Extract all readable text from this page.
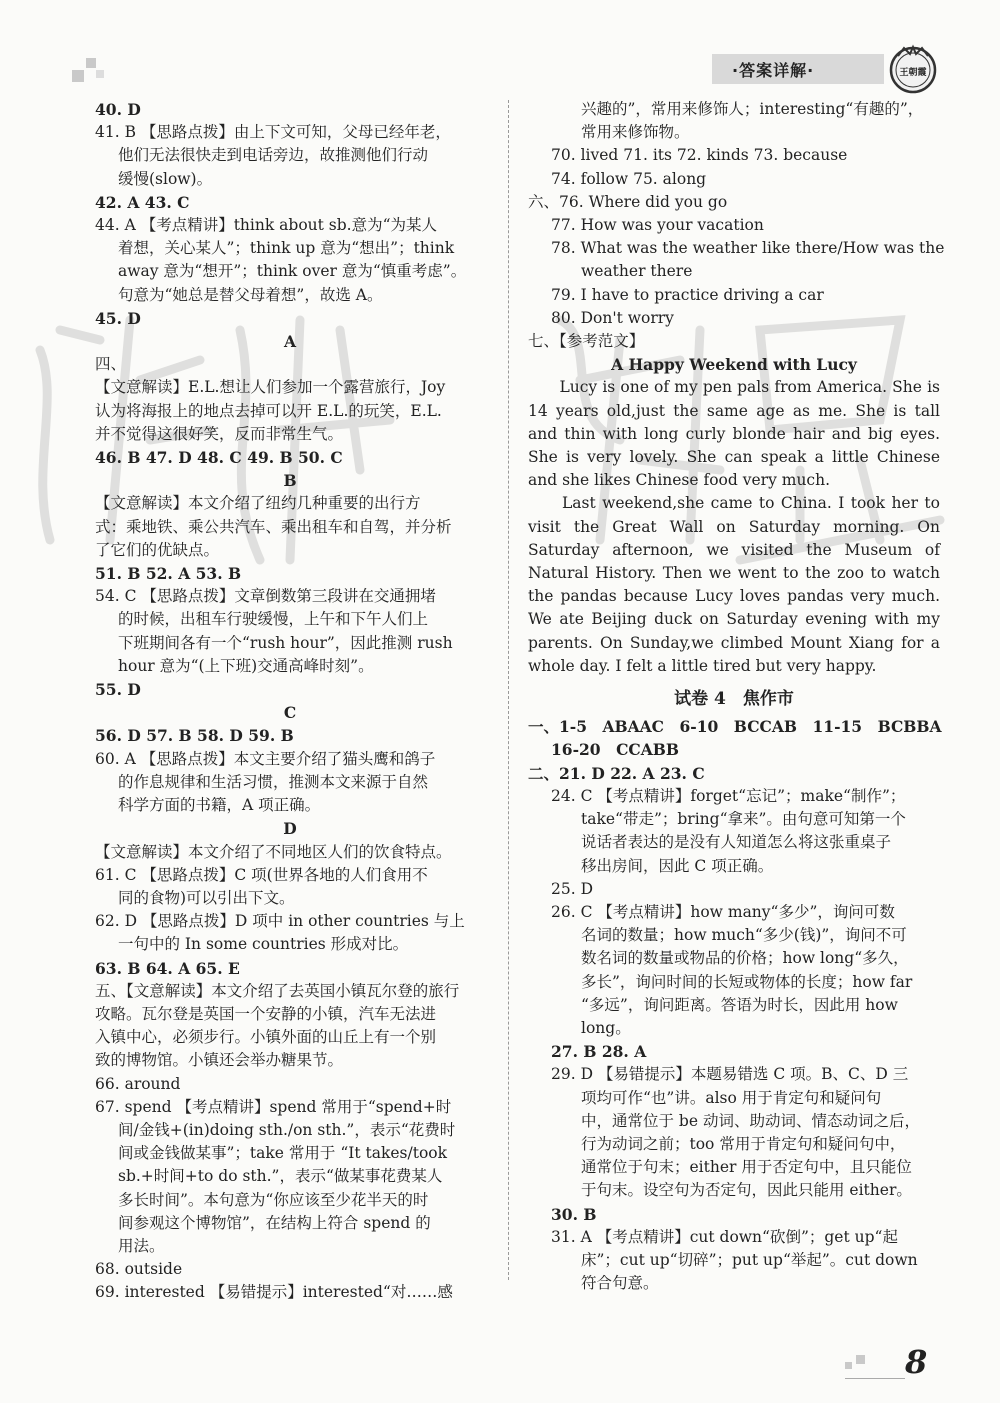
·答案详解·	王朝霞
40. D
41. B 【思路点拨】由上下文可知，父母已经年老，
他们无法很快走到电话旁边，故推测他们行动
缓慢(slow)。
42. A 43. C
44. A 【考点精讲】think about sb.意为“为某人
着想，关心某人”；think up 意为“想出”；think
away 意为“想开”；think over 意为“慎重考虑”。
句意为“她总是替父母着想”，故选 A。
45. D
A
四、
【文意解读】E.L.想让人们参加一个露营旅行，Joy
认为将海报上的地点去掉可以开 E.L.的玩笑，E.L.
并不觉得这很好笑，反而非常生气。
46. B 47. D 48. C 49. B 50. C
B
【文意解读】本文介绍了纽约几种重要的出行方
式：乘地铁、乘公共汽车、乘出租车和自驾，并分析
了它们的优缺点。
51. B 52. A 53. B
54. C 【思路点拨】文章倒数第三段讲在交通拥堵
的时候，出租车行驶缓慢，上午和下午人们上
下班期间各有一个“rush hour”，因此推测 rush
hour 意为“(上下班)交通高峰时刻”。
55. D
C
56. D 57. B 58. D 59. B
60. A 【思路点拨】本文主要介绍了猫头鹰和鸽子
的作息规律和生活习惯，推测本文来源于自然
科学方面的书籍，A 项正确。
D
【文意解读】本文介绍了不同地区人们的饮食特点。
61. C 【思路点拨】C 项(世界各地的人们食用不
同的食物)可以引出下文。
62. D 【思路点拨】D 项中 in other countries 与上
一句中的 In some countries 形成对比。
63. B 64. A 65. E
五、【文意解读】本文介绍了去英国小镇瓦尔登的旅行
攻略。瓦尔登是英国一个安静的小镇，汽车无法进
入镇中心，必须步行。小镇外面的山丘上有一个别
致的博物馆。小镇还会举办糖果节。
66. around
67. spend 【考点精讲】spend 常用于“spend+时
间/金钱+(in)doing sth./on sth.”，表示“花费时
间或金钱做某事”；take 常用于 “It takes/took
sb.+时间+to do sth.”，表示“做某事花费某人
多长时间”。本句意为“你应该至少花半天的时
间参观这个博物馆”，在结构上符合 spend 的
用法。
68. outside
69. interested 【易错提示】interested“对……感
兴趣的”，常用来修饰人；interesting“有趣的”，
常用来修饰物。
70. lived 71. its 72. kinds 73. because
74. follow 75. along
六、76. Where did you go
77. How was your vacation
78. What was the weather like there/How was the
weather there
79. I have to practice driving a car
80. Don't worry
七、【参考范文】
A Happy Weekend with Lucy
　　Lucy is one of my pen pals from America. She is 14 years old,just the same age as me. She is tall and thin with long curly blonde hair and big eyes. She is very lovely. She can speak a little Chinese and she likes Chinese food very much.
　　Last weekend,she came to China. I took her to visit the Great Wall on Saturday morning. On Saturday afternoon, we visited the Museum of Natural History. Then we went to the zoo to watch the pandas because Lucy loves pandas very much. We ate Beijing duck on Saturday evening with my parents. On Sunday,we climbed Mount Xiang for a whole day. I felt a little tired but very happy.
试卷 4　焦作市
一、1-5　ABAAC　6-10　BCCAB　11-15　BCBBA
16-20　CCABB
二、21. D 22. A 23. C
24. C 【考点精讲】forget“忘记”；make“制作”；
take“带走”；bring“拿来”。由句意可知第一个
说话者表达的是没有人知道怎么将这张重桌子
移出房间，因此 C 项正确。
25. D
26. C 【考点精讲】how many“多少”，询问可数
名词的数量；how much“多少(钱)”，询问不可
数名词的数量或物品的价格；how long“多久，
多长”，询问时间的长短或物体的长度；how far
“多远”，询问距离。答语为时长，因此用 how
long。
27. B 28. A
29. D 【易错提示】本题易错选 C 项。B、C、D 三
项均可作“也”讲。also 用于肯定句和疑问句
中，通常位于 be 动词、助动词、情态动词之后，
行为动词之前；too 常用于肯定句和疑问句中，
通常位于句末；either 用于否定句中，且只能位
于句末。设空句为否定句，因此只能用 either。
30. B
31. A 【考点精讲】cut down“砍倒”；get up“起
床”；cut up“切碎”；put up“举起”。cut down
符合句意。
8
